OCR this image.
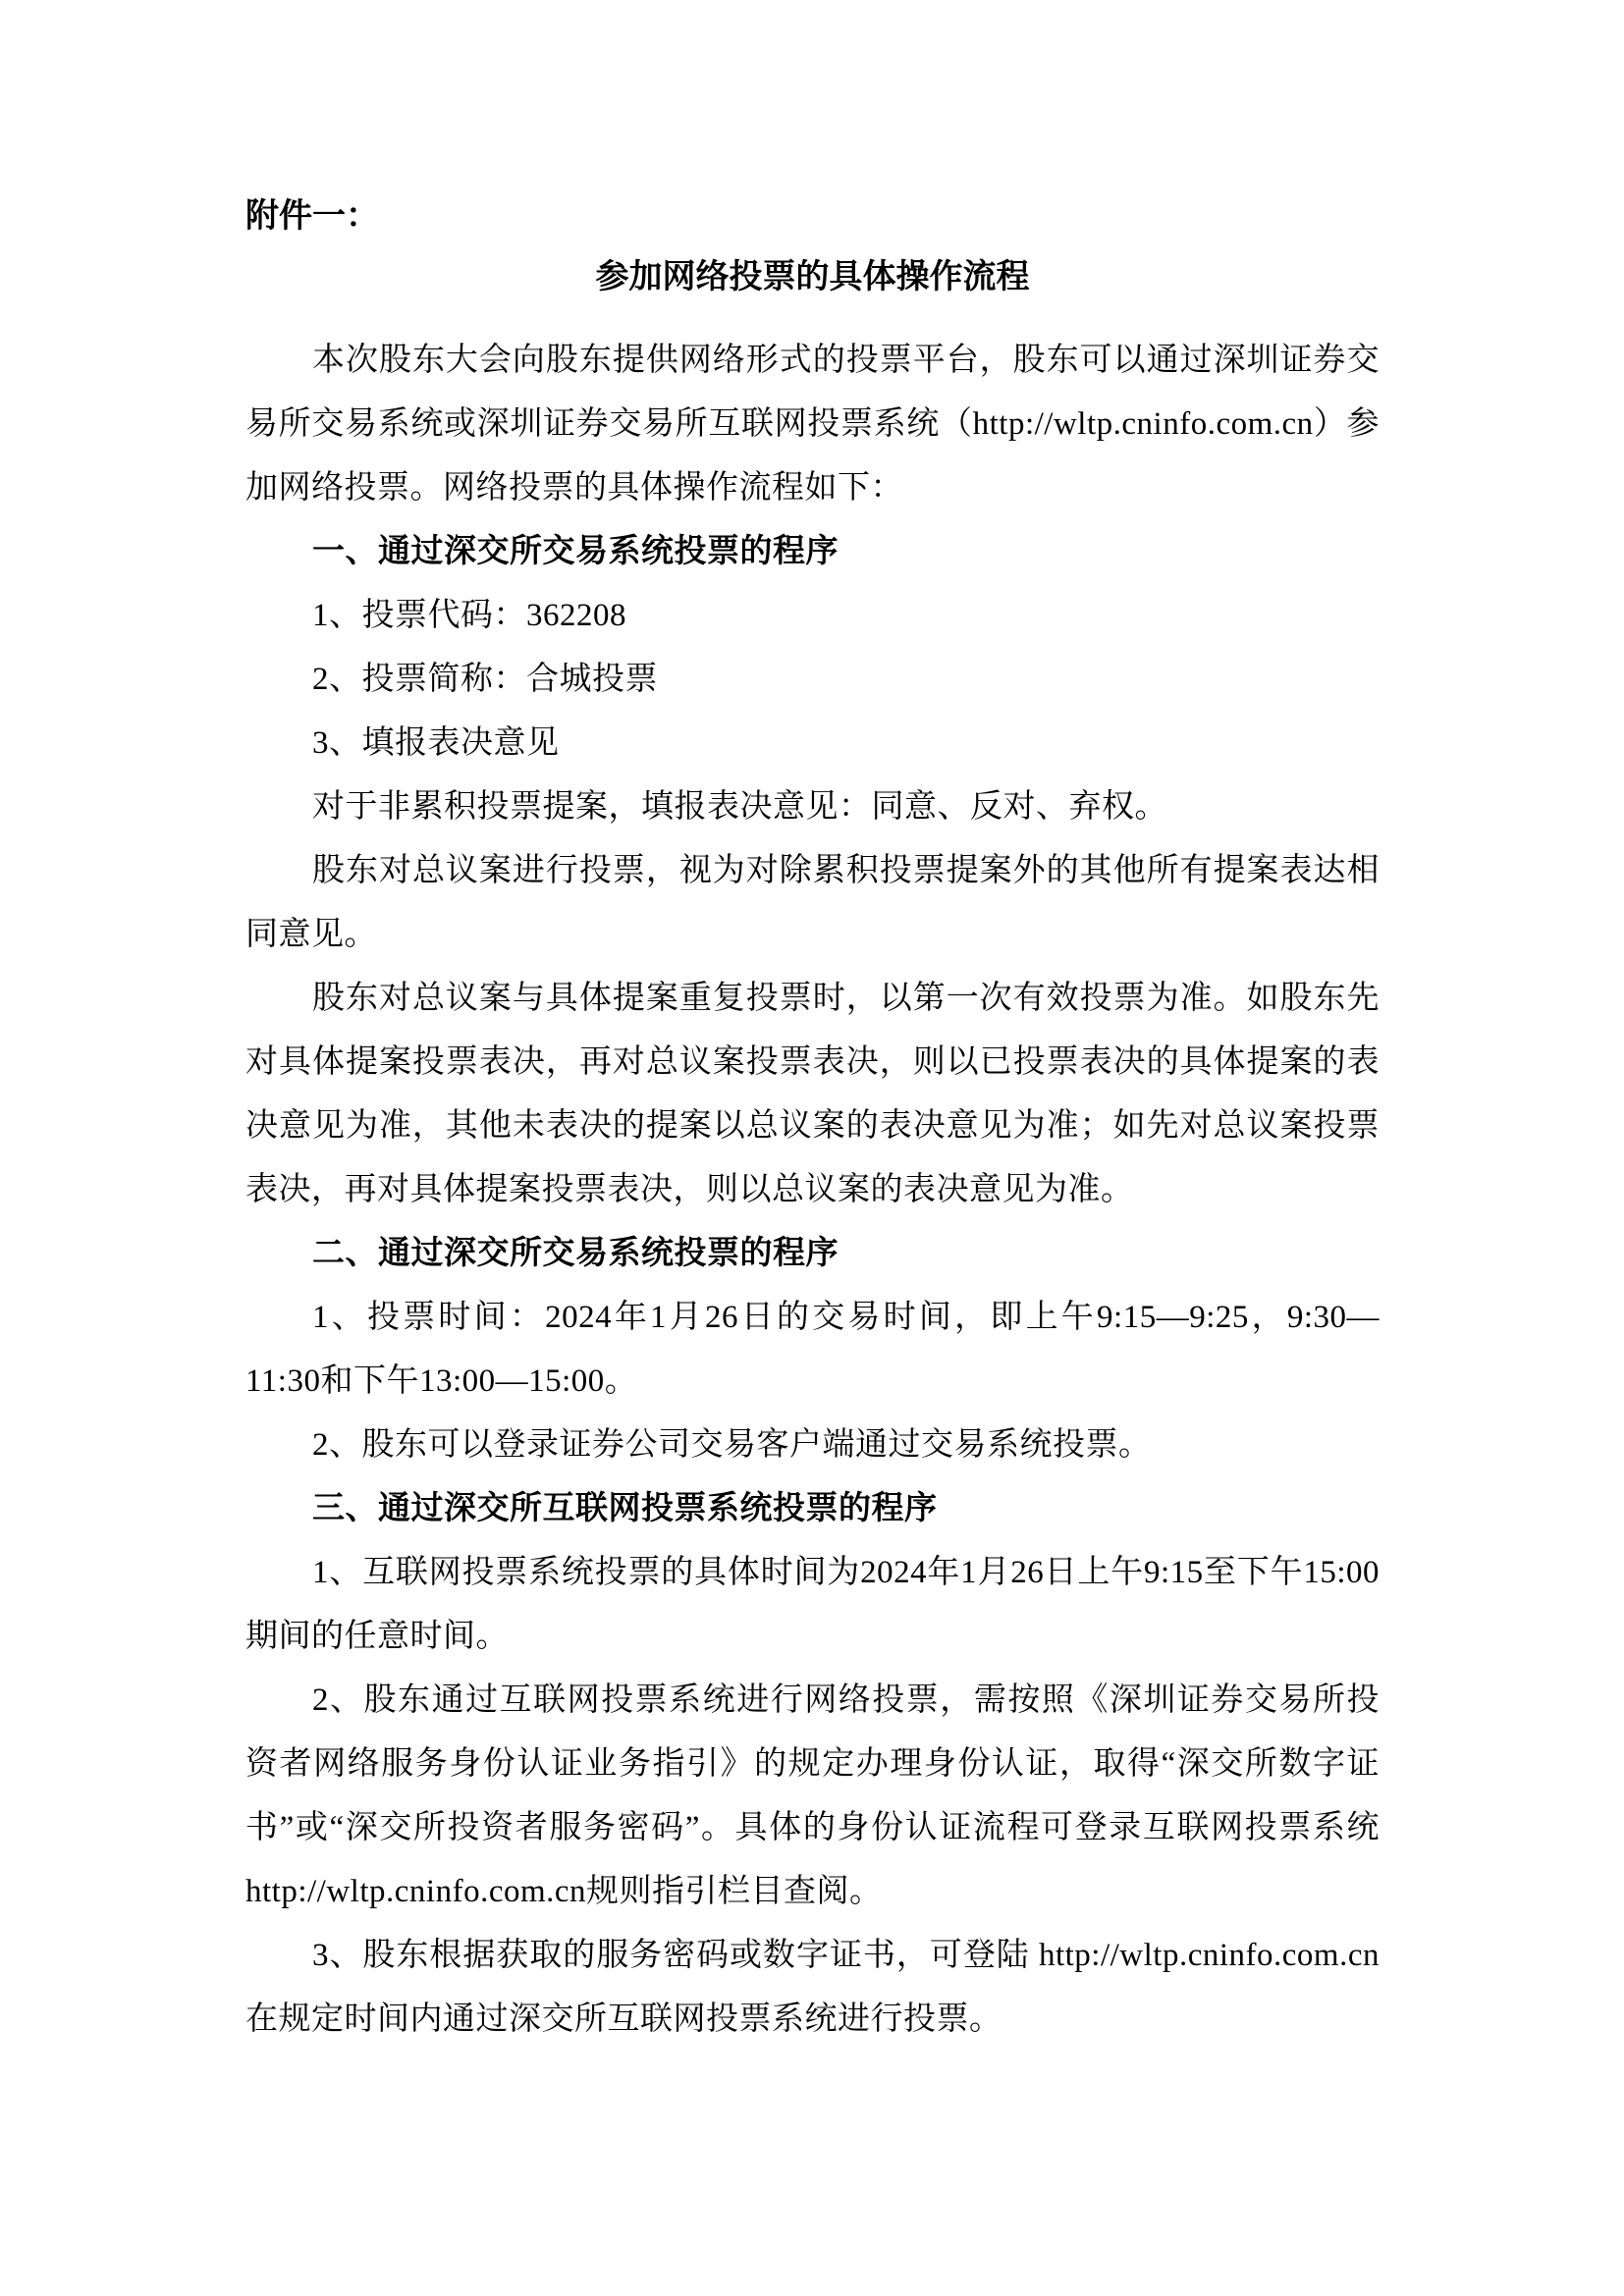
附件一：
参加网络投票的具体操作流程

本次股东大会向股东提供网络形式的投票平台，股东可以通过深圳证券交易所交易系统或深圳证券交易所互联网投票系统（http://wltp.cninfo.com.cn）参加网络投票。网络投票的具体操作流程如下：

一、通过深交所交易系统投票的程序

1、投票代码：362208

2、投票简称：合城投票

3、填报表决意见

对于非累积投票提案，填报表决意见：同意、反对、弃权。

股东对总议案进行投票，视为对除累积投票提案外的其他所有提案表达相同意见。

股东对总议案与具体提案重复投票时，以第一次有效投票为准。如股东先对具体提案投票表决，再对总议案投票表决，则以已投票表决的具体提案的表决意见为准，其他未表决的提案以总议案的表决意见为准；如先对总议案投票表决，再对具体提案投票表决，则以总议案的表决意见为准。

二、通过深交所交易系统投票的程序

1、投票时间：2024年1月26日的交易时间，即上午9:15—9:25，9:30—11:30和下午13:00—15:00。

2、股东可以登录证券公司交易客户端通过交易系统投票。

三、通过深交所互联网投票系统投票的程序

1、互联网投票系统投票的具体时间为2024年1月26日上午9:15至下午15:00期间的任意时间。

2、股东通过互联网投票系统进行网络投票，需按照《深圳证券交易所投资者网络服务身份认证业务指引》的规定办理身份认证，取得“深交所数字证书”或“深交所投资者服务密码”。具体的身份认证流程可登录互联网投票系统http://wltp.cninfo.com.cn规则指引栏目查阅。

3、股东根据获取的服务密码或数字证书，可登陆 http://wltp.cninfo.com.cn 在规定时间内通过深交所互联网投票系统进行投票。
